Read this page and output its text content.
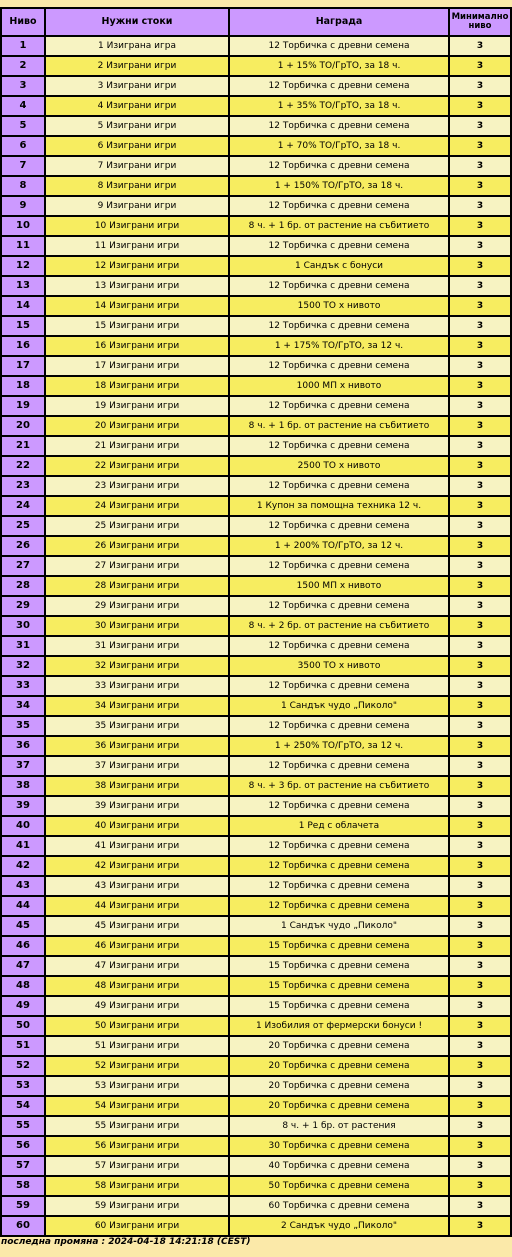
Ниво	Нужни стоки	Награда	Минимално
ниво
1	1 Изиграна игра	12 Торбичка с древни семена	3
2	2 Изиграни игри	1 + 15% ТО/ГрТО, за 18 ч.	3
3	3 Изиграни игри	12 Торбичка с древни семена	3
4	4 Изиграни игри	1 + 35% ТО/ГрТО, за 18 ч.	3
5	5 Изиграни игри	12 Торбичка с древни семена	3
6	6 Изиграни игри	1 + 70% ТО/ГрТО, за 18 ч.	3
7	7 Изиграни игри	12 Торбичка с древни семена	3
8	8 Изиграни игри	1 + 150% ТО/ГрТО, за 18 ч.	3
9	9 Изиграни игри	12 Торбичка с древни семена	3
10	10 Изиграни игри	8 ч. + 1 бр. от растение на събитието	3
11	11 Изиграни игри	12 Торбичка с древни семена	3
12	12 Изиграни игри	1 Сандък с бонуси	3
13	13 Изиграни игри	12 Торбичка с древни семена	3
14	14 Изиграни игри	1500 ТО x нивото	3
15	15 Изиграни игри	12 Торбичка с древни семена	3
16	16 Изиграни игри	1 + 175% ТО/ГрТО, за 12 ч.	3
17	17 Изиграни игри	12 Торбичка с древни семена	3
18	18 Изиграни игри	1000 МП x нивото	3
19	19 Изиграни игри	12 Торбичка с древни семена	3
20	20 Изиграни игри	8 ч. + 1 бр. от растение на събитието	3
21	21 Изиграни игри	12 Торбичка с древни семена	3
22	22 Изиграни игри	2500 ТО x нивото	3
23	23 Изиграни игри	12 Торбичка с древни семена	3
24	24 Изиграни игри	1 Купон за помощна техника 12 ч.	3
25	25 Изиграни игри	12 Торбичка с древни семена	3
26	26 Изиграни игри	1 + 200% ТО/ГрТО, за 12 ч.	3
27	27 Изиграни игри	12 Торбичка с древни семена	3
28	28 Изиграни игри	1500 МП x нивото	3
29	29 Изиграни игри	12 Торбичка с древни семена	3
30	30 Изиграни игри	8 ч. + 2 бр. от растение на събитието	3
31	31 Изиграни игри	12 Торбичка с древни семена	3
32	32 Изиграни игри	3500 ТО x нивото	3
33	33 Изиграни игри	12 Торбичка с древни семена	3
34	34 Изиграни игри	1 Сандък чудо „Пиколо"	3
35	35 Изиграни игри	12 Торбичка с древни семена	3
36	36 Изиграни игри	1 + 250% ТО/ГрТО, за 12 ч.	3
37	37 Изиграни игри	12 Торбичка с древни семена	3
38	38 Изиграни игри	8 ч. + 3 бр. от растение на събитието	3
39	39 Изиграни игри	12 Торбичка с древни семена	3
40	40 Изиграни игри	1 Ред с облачета	3
41	41 Изиграни игри	12 Торбичка с древни семена	3
42	42 Изиграни игри	12 Торбичка с древни семена	3
43	43 Изиграни игри	12 Торбичка с древни семена	3
44	44 Изиграни игри	12 Торбичка с древни семена	3
45	45 Изиграни игри	1 Сандък чудо „Пиколо"	3
46	46 Изиграни игри	15 Торбичка с древни семена	3
47	47 Изиграни игри	15 Торбичка с древни семена	3
48	48 Изиграни игри	15 Торбичка с древни семена	3
49	49 Изиграни игри	15 Торбичка с древни семена	3
50	50 Изиграни игри	1 Изобилия от фермерски бонуси !	3
51	51 Изиграни игри	20 Торбичка с древни семена	3
52	52 Изиграни игри	20 Торбичка с древни семена	3
53	53 Изиграни игри	20 Торбичка с древни семена	3
54	54 Изиграни игри	20 Торбичка с древни семена	3
55	55 Изиграни игри	8 ч. + 1 бр. от растения	3
56	56 Изиграни игри	30 Торбичка с древни семена	3
57	57 Изиграни игри	40 Торбичка с древни семена	3
58	58 Изиграни игри	50 Торбичка с древни семена	3
59	59 Изиграни игри	60 Торбичка с древни семена	3
60	60 Изиграни игри	2 Сандък чудо „Пиколо"	3
последна промяна : 2024-04-18 14:21:18 (CEST)
